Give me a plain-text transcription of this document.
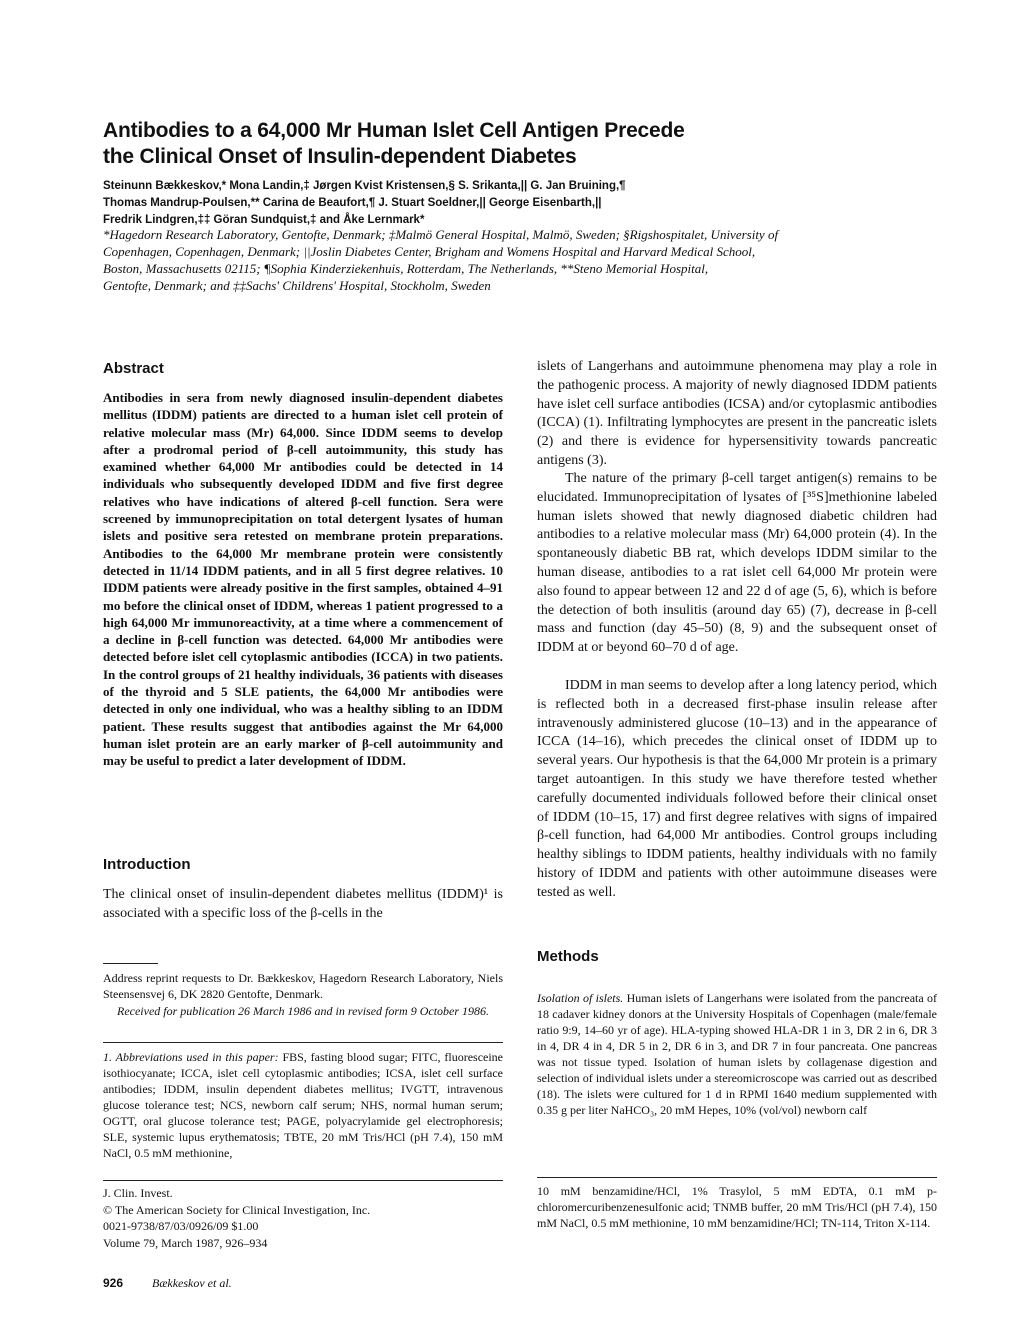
Antibodies to a 64,000 Mr Human Islet Cell Antigen Precede
the Clinical Onset of Insulin-dependent Diabetes
Steinunn Bækkeskov,* Mona Landin,‡ Jørgen Kvist Kristensen,§ S. Srikanta,|| G. Jan Bruining,¶
Thomas Mandrup-Poulsen,** Carina de Beaufort,¶ J. Stuart Soeldner,|| George Eisenbarth,||
Fredrik Lindgren,‡‡ Göran Sundquist,‡ and Åke Lernmark*
*Hagedorn Research Laboratory, Gentofte, Denmark; ‡Malmö General Hospital, Malmö, Sweden; §Rigshospitalet, University of
Copenhagen, Copenhagen, Denmark; ||Joslin Diabetes Center, Brigham and Womens Hospital and Harvard Medical School,
Boston, Massachusetts 02115; ¶Sophia Kinderziekenhuis, Rotterdam, The Netherlands, **Steno Memorial Hospital,
Gentofte, Denmark; and ‡‡Sachs' Childrens' Hospital, Stockholm, Sweden
Abstract
Antibodies in sera from newly diagnosed insulin-dependent diabetes mellitus (IDDM) patients are directed to a human islet cell protein of relative molecular mass (Mr) 64,000. Since IDDM seems to develop after a prodromal period of β-cell autoimmunity, this study has examined whether 64,000 Mr antibodies could be detected in 14 individuals who subsequently developed IDDM and five first degree relatives who have indications of altered β-cell function. Sera were screened by immunoprecipitation on total detergent lysates of human islets and positive sera retested on membrane protein preparations. Antibodies to the 64,000 Mr membrane protein were consistently detected in 11/14 IDDM patients, and in all 5 first degree relatives. 10 IDDM patients were already positive in the first samples, obtained 4–91 mo before the clinical onset of IDDM, whereas 1 patient progressed to a high 64,000 Mr immunoreactivity, at a time where a commencement of a decline in β-cell function was detected. 64,000 Mr antibodies were detected before islet cell cytoplasmic antibodies (ICCA) in two patients. In the control groups of 21 healthy individuals, 36 patients with diseases of the thyroid and 5 SLE patients, the 64,000 Mr antibodies were detected in only one individual, who was a healthy sibling to an IDDM patient. These results suggest that antibodies against the Mr 64,000 human islet protein are an early marker of β-cell autoimmunity and may be useful to predict a later development of IDDM.
Introduction
The clinical onset of insulin-dependent diabetes mellitus (IDDM)¹ is associated with a specific loss of the β-cells in the
Address reprint requests to Dr. Bækkeskov, Hagedorn Research Laboratory, Niels Steensensvej 6, DK 2820 Gentofte, Denmark.
Received for publication 26 March 1986 and in revised form 9 October 1986.
1. Abbreviations used in this paper: FBS, fasting blood sugar; FITC, fluoresceine isothiocyanate; ICCA, islet cell cytoplasmic antibodies; ICSA, islet cell surface antibodies; IDDM, insulin dependent diabetes mellitus; IVGTT, intravenous glucose tolerance test; NCS, newborn calf serum; NHS, normal human serum; OGTT, oral glucose tolerance test; PAGE, polyacrylamide gel electrophoresis; SLE, systemic lupus erythematosis; TBTE, 20 mM Tris/HCl (pH 7.4), 150 mM NaCl, 0.5 mM methionine,
J. Clin. Invest.
© The American Society for Clinical Investigation, Inc.
0021-9738/87/03/0926/09 $1.00
Volume 79, March 1987, 926–934
926 Bækkeskov et al.
islets of Langerhans and autoimmune phenomena may play a role in the pathogenic process. A majority of newly diagnosed IDDM patients have islet cell surface antibodies (ICSA) and/or cytoplasmic antibodies (ICCA) (1). Infiltrating lymphocytes are present in the pancreatic islets (2) and there is evidence for hypersensitivity towards pancreatic antigens (3).
The nature of the primary β-cell target antigen(s) remains to be elucidated. Immunoprecipitation of lysates of [³⁵S]methionine labeled human islets showed that newly diagnosed diabetic children had antibodies to a relative molecular mass (Mr) 64,000 protein (4). In the spontaneously diabetic BB rat, which develops IDDM similar to the human disease, antibodies to a rat islet cell 64,000 Mr protein were also found to appear between 12 and 22 d of age (5, 6), which is before the detection of both insulitis (around day 65) (7), decrease in β-cell mass and function (day 45–50) (8, 9) and the subsequent onset of IDDM at or beyond 60–70 d of age.
IDDM in man seems to develop after a long latency period, which is reflected both in a decreased first-phase insulin release after intravenously administered glucose (10–13) and in the appearance of ICCA (14–16), which precedes the clinical onset of IDDM up to several years. Our hypothesis is that the 64,000 Mr protein is a primary target autoantigen. In this study we have therefore tested whether carefully documented individuals followed before their clinical onset of IDDM (10–15, 17) and first degree relatives with signs of impaired β-cell function, had 64,000 Mr antibodies. Control groups including healthy siblings to IDDM patients, healthy individuals with no family history of IDDM and patients with other autoimmune diseases were tested as well.
Methods
Isolation of islets. Human islets of Langerhans were isolated from the pancreata of 18 cadaver kidney donors at the University Hospitals of Copenhagen (male/female ratio 9:9, 14–60 yr of age). HLA-typing showed HLA-DR 1 in 3, DR 2 in 6, DR 3 in 4, DR 4 in 4, DR 5 in 2, DR 6 in 3, and DR 7 in four pancreata. One pancreas was not tissue typed. Isolation of human islets by collagenase digestion and selection of individual islets under a stereomicroscope was carried out as described (18). The islets were cultured for 1 d in RPMI 1640 medium supplemented with 0.35 g per liter NaHCO₃, 20 mM Hepes, 10% (vol/vol) newborn calf
10 mM benzamidine/HCl, 1% Trasylol, 5 mM EDTA, 0.1 mM p-chloromercuribenzenesulfonic acid; TNMB buffer, 20 mM Tris/HCl (pH 7.4), 150 mM NaCl, 0.5 mM methionine, 10 mM benzamidine/HCl; TN-114, Triton X-114.
